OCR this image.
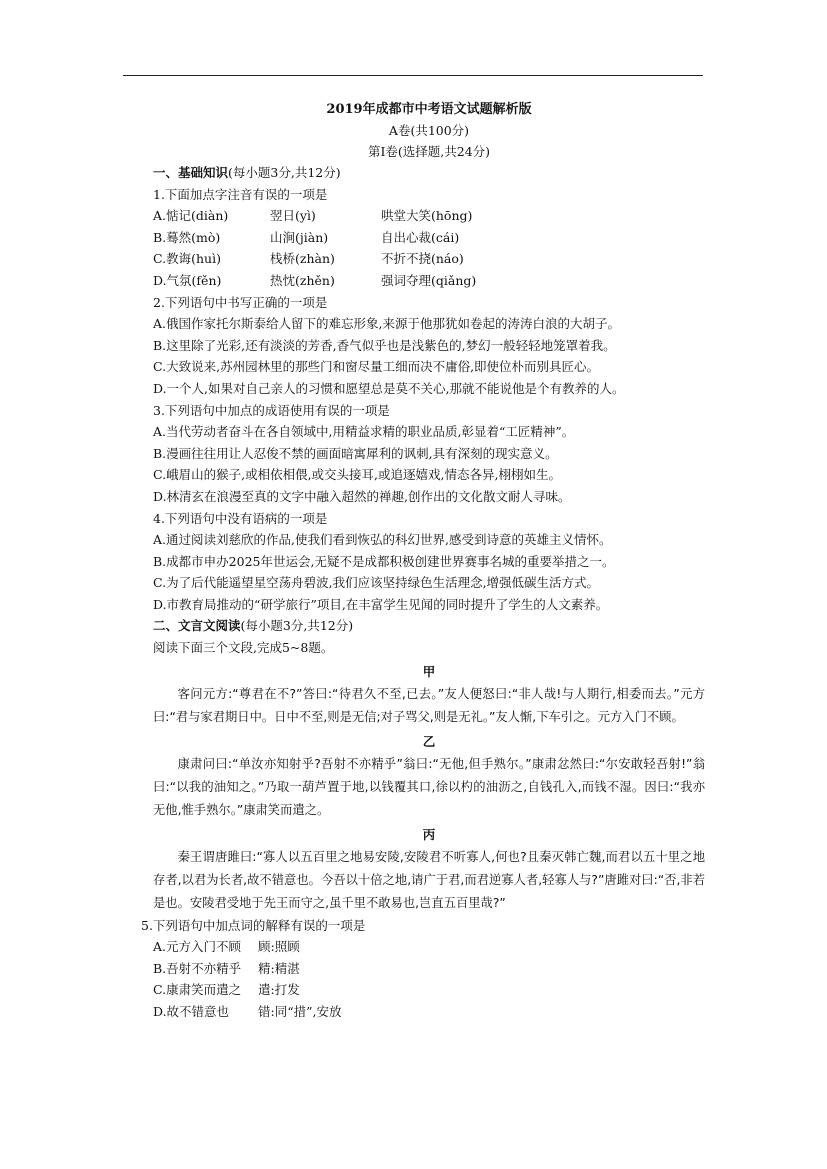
2019年成都市中考语文试题解析版
A卷(共100分)
第Ⅰ卷(选择题,共24分)
一、基础知识(每小题3分,共12分)
1.下面加点字注音有误的一项是
A.惦记(diàn)	翌日(yì)	哄堂大笑(hōng)
B.蓦然(mò)	山涧(jiàn)	自出心裁(cái)
C.教诲(huì)	栈桥(zhàn)	不折不挠(náo)
D.气氛(fěn)	热忱(zhěn)	强词夺理(qiǎng)
2.下列语句中书写正确的一项是
A.俄国作家托尔斯泰给人留下的难忘形象,来源于他那犹如卷起的涛涛白浪的大胡子。
B.这里除了光彩,还有淡淡的芳香,香气似乎也是浅紫色的,梦幻一般轻轻地笼罩着我。
C.大致说来,苏州园林里的那些门和窗尽量工细而决不庸俗,即使位朴而别具匠心。
D.一个人,如果对自己亲人的习惯和愿望总是莫不关心,那就不能说他是个有教养的人。
3.下列语句中加点的成语使用有误的一项是
A.当代劳动者奋斗在各自领域中,用精益求精的职业品质,彰显着“工匠精神”。
B.漫画往往用让人忍俊不禁的画面暗寓犀利的讽刺,具有深刻的现实意义。
C.峨眉山的猴子,或相依相偎,或交头接耳,或追逐嬉戏,情态各异,栩栩如生。
D.林清玄在浪漫至真的文字中融入超然的禅趣,创作出的文化散文耐人寻味。
4.下列语句中没有语病的一项是
A.通过阅读刘慈欣的作品,使我们看到恢弘的科幻世界,感受到诗意的英雄主义情怀。
B.成都市申办2025年世运会,无疑不是成都积极创建世界赛事名城的重要举措之一。
C.为了后代能遥望星空荡舟碧波,我们应该坚持绿色生活理念,增强低碳生活方式。
D.市教育局推动的“研学旅行”项目,在丰富学生见闻的同时提升了学生的人文素养。
二、文言文阅读(每小题3分,共12分)
阅读下面三个文段,完成5~8题。
甲

客问元方:“尊君在不?”答曰:“待君久不至,已去。”友人便怒曰:“非人哉!与人期行,相委而去。”元方曰:“君与家君期日中。日中不至,则是无信;对子骂父,则是无礼。”友人惭,下车引之。元方入门不顾。

乙

康肃问曰:“单汝亦知射乎?吾射不亦精乎”翁曰:“无他,但手熟尔。”康肃忿然曰:“尔安敢轻吾射!”翁曰:“以我的油知之。”乃取一葫芦置于地,以钱覆其口,徐以杓的油沥之,自钱孔入,而钱不湿。因曰:“我亦无他,惟手熟尔。”康肃笑而遣之。

丙

秦王谓唐雎曰:“寡人以五百里之地易安陵,安陵君不听寡人,何也?且秦灭韩亡魏,而君以五十里之地存者,以君为长者,故不错意也。今吾以十倍之地,请广于君,而君逆寡人者,轻寡人与?”唐雎对曰:“否,非若是也。安陵君受地于先王而守之,虽千里不敢易也,岂直五百里哉?”

5.下列语句中加点词的解释有误的一项是
A.元方入门不顾	顾:照顾
B.吾射不亦精乎	精:精湛
C.康肃笑而遣之	遣:打发
D.故不错意也	错:同“措”,安放
